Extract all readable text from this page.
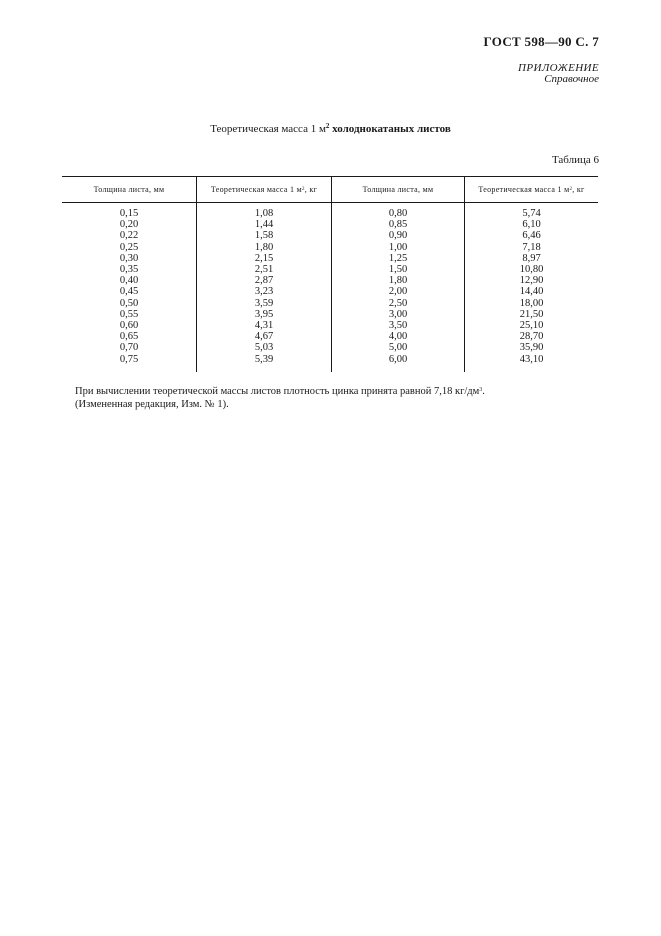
ГОСТ 598—90 С. 7
ПРИЛОЖЕНИЕ
Справочное
Теоретическая масса 1 $м^2$ холоднокатаных листов
Таблица 6
Толщина листа, мм
0,15
0,20
0,22
0,25
0,30
0,35
0,40
0,45
0,50
0,55
0,60
0,65
0,70
0,75
Теоретическая масса 1 м 2 , кг
1,08
1,44
1,58
1,80
2,15
2,51
2,87
3,23
3,59
3,95
4,31
4,67
5,03
5,39
Толщина листа, мм
0,80
0,85
0,90
1,00
1,25
1,50
1,80
2,00
2,50
3,00
3,50
4,00
5,00
6,00
Теоретическая масса 1 м 2 , кг
5,74
6,10
6,46
7,18
8,97
10,80
12,90
14,40
18,00
21,50
25,10
28,70
35,90
43,10
При вычислении теоретической массы листов плотность цинка принята равной 7,18 $кг/дм^3$.
(Измененная редакция, Изм. № 1).
